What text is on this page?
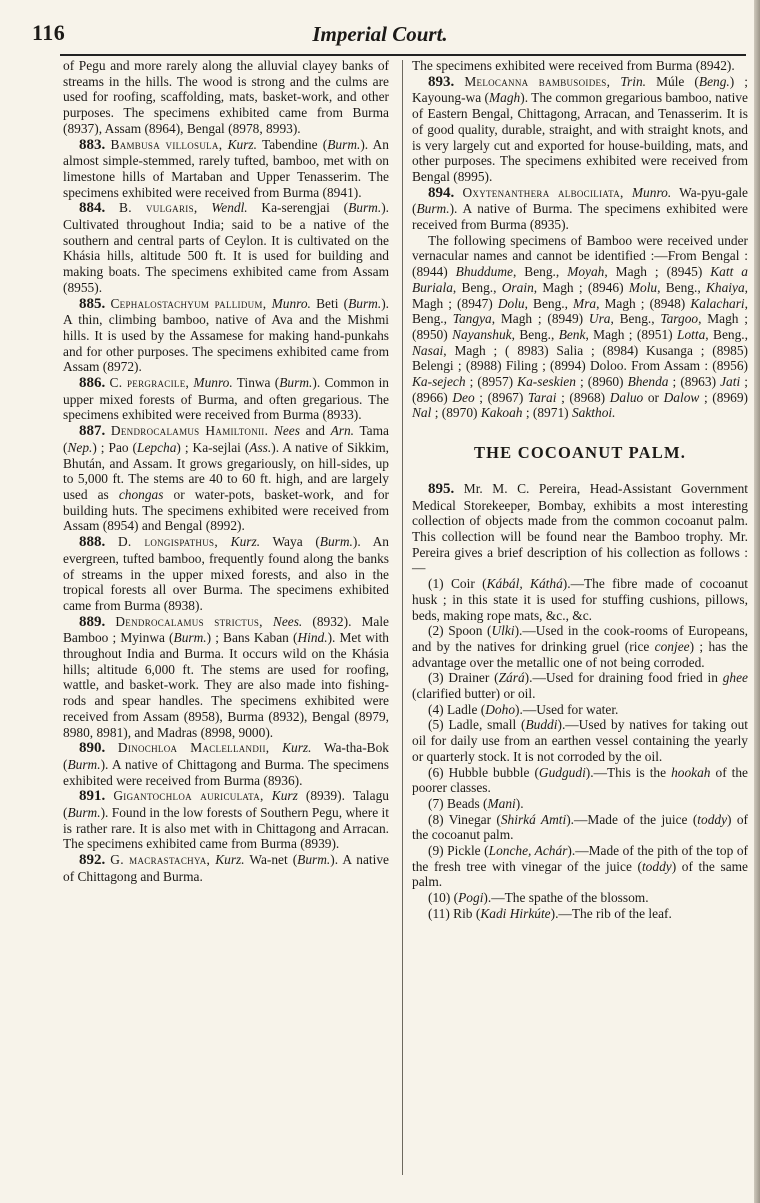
116	Imperial Court.

of Pegu and more rarely along the alluvial clayey banks of streams in the hills. The wood is strong and the culms are used for roofing, scaffolding, mats, basket-work, and other purposes. The specimens exhibited came from Burma (8937), Assam (8964), Bengal (8978, 8993).

883. Bambusa villosula, Kurz. Tabendine (Burm.). An almost simple-stemmed, rarely tufted, bamboo, met with on limestone hills of Martaban and Upper Tenasserim. The specimens exhibited were received from Burma (8941).

884. B. vulgaris, Wendl. Ka-serengjai (Burm.). Cultivated throughout India; said to be a native of the southern and central parts of Ceylon. It is cultivated on the Khásia hills, altitude 500 ft. It is used for building and making boats. The specimens exhibited came from Assam (8955).

885. Cephalostachyum pallidum, Munro. Beti (Burm.). A thin, climbing bamboo, native of Ava and the Mishmi hills. It is used by the Assamese for making hand-punkahs and for other purposes. The specimens exhibited came from Assam (8972).

886. C. pergracile, Munro. Tinwa (Burm.). Common in upper mixed forests of Burma, and often gregarious. The specimens exhibited were received from Burma (8933).

887. Dendrocalamus Hamiltonii. Nees and Arn. Tama (Nep.) ; Pao (Lepcha) ; Ka-sejlai (Ass.). A native of Sikkim, Bhután, and Assam. It grows gregariously, on hill-sides, up to 5,000 ft. The stems are 40 to 60 ft. high, and are largely used as chongas or water-pots, basket-work, and for building huts. The specimens exhibited were received from Assam (8954) and Bengal (8992).

888. D. longispathus, Kurz. Waya (Burm.). An evergreen, tufted bamboo, frequently found along the banks of streams in the upper mixed forests, and also in the tropical forests all over Burma. The specimens exhibited came from Burma (8938).

889. Dendrocalamus strictus, Nees. (8932). Male Bamboo ; Myinwa (Burm.) ; Bans Kaban (Hind.). Met with throughout India and Burma. It occurs wild on the Khásia hills; altitude 6,000 ft. The stems are used for roofing, wattle, and basket-work. They are also made into fishing-rods and spear handles. The specimens exhibited were received from Assam (8958), Burma (8932), Bengal (8979, 8980, 8981), and Madras (8998, 9000).

890. Dinochloa Maclellandii, Kurz. Wa-tha-Bok (Burm.). A native of Chittagong and Burma. The specimens exhibited were received from Burma (8936).

891. Gigantochloa auriculata, Kurz (8939). Talagu (Burm.). Found in the low forests of Southern Pegu, where it is rather rare. It is also met with in Chittagong and Arracan. The specimens exhibited came from Burma (8939).

892. G. macrastachya, Kurz. Wa-net (Burm.). A native of Chittagong and Burma.

The specimens exhibited were received from Burma (8942).

893. Melocanna bambusoides, Trin. Múle (Beng.) ; Kayoung-wa (Magh). The common gregarious bamboo, native of Eastern Bengal, Chittagong, Arracan, and Tenasserim. It is of good quality, durable, straight, and with straight knots, and is very largely cut and exported for house-building, mats, and other purposes. The specimens exhibited were received from Bengal (8995).

894. Oxytenanthera albociliata, Munro. Wa-pyu-gale (Burm.). A native of Burma. The specimens exhibited were received from Burma (8935).

The following specimens of Bamboo were received under vernacular names and cannot be identified :—From Bengal : (8944) Bhuddume, Beng., Moyah, Magh ; (8945) Katt a Buriala, Beng., Orain, Magh ; (8946) Molu, Beng., Khaiya, Magh ; (8947) Dolu, Beng., Mra, Magh ; (8948) Kalachari, Beng., Tangya, Magh ; (8949) Ura, Beng., Targoo, Magh ; (8950) Nayanshuk, Beng., Benk, Magh ; (8951) Lotta, Beng., Nasai, Magh ; ( 8983) Salia ; (8984) Kusanga ; (8985) Belengi ; (8988) Filing ; (8994) Doloo. From Assam : (8956) Ka-sejech ; (8957) Ka-seskien ; (8960) Bhenda ; (8963) Jati ; (8966) Deo ; (8967) Tarai ; (8968) Daluo or Dalow ; (8969) Nal ; (8970) Kakoah ; (8971) Sakthoi.

THE COCOANUT PALM.

895. Mr. M. C. Pereira, Head-Assistant Government Medical Storekeeper, Bombay, exhibits a most interesting collection of objects made from the common cocoanut palm. This collection will be found near the Bamboo trophy. Mr. Pereira gives a brief description of his collection as follows :—

(1) Coir (Kábál, Káthá).—The fibre made of cocoanut husk ; in this state it is used for stuffing cushions, pillows, beds, making rope mats, &c., &c.

(2) Spoon (Ulki).—Used in the cook-rooms of Europeans, and by the natives for drinking gruel (rice conjee) ; has the advantage over the metallic one of not being corroded.

(3) Drainer (Zárá).—Used for draining food fried in ghee (clarified butter) or oil.

(4) Ladle (Doho).—Used for water.

(5) Ladle, small (Buddi).—Used by natives for taking out oil for daily use from an earthen vessel containing the yearly or quarterly stock. It is not corroded by the oil.

(6) Hubble bubble (Gudgudi).—This is the hookah of the poorer classes.

(7) Beads (Mani).

(8) Vinegar (Shirká Amti).—Made of the juice (toddy) of the cocoanut palm.

(9) Pickle (Lonche, Achár).—Made of the pith of the top of the fresh tree with vinegar of the juice (toddy) of the same palm.

(10) (Pogi).—The spathe of the blossom.

(11) Rib (Kadi Hirkúte).—The rib of the leaf.
